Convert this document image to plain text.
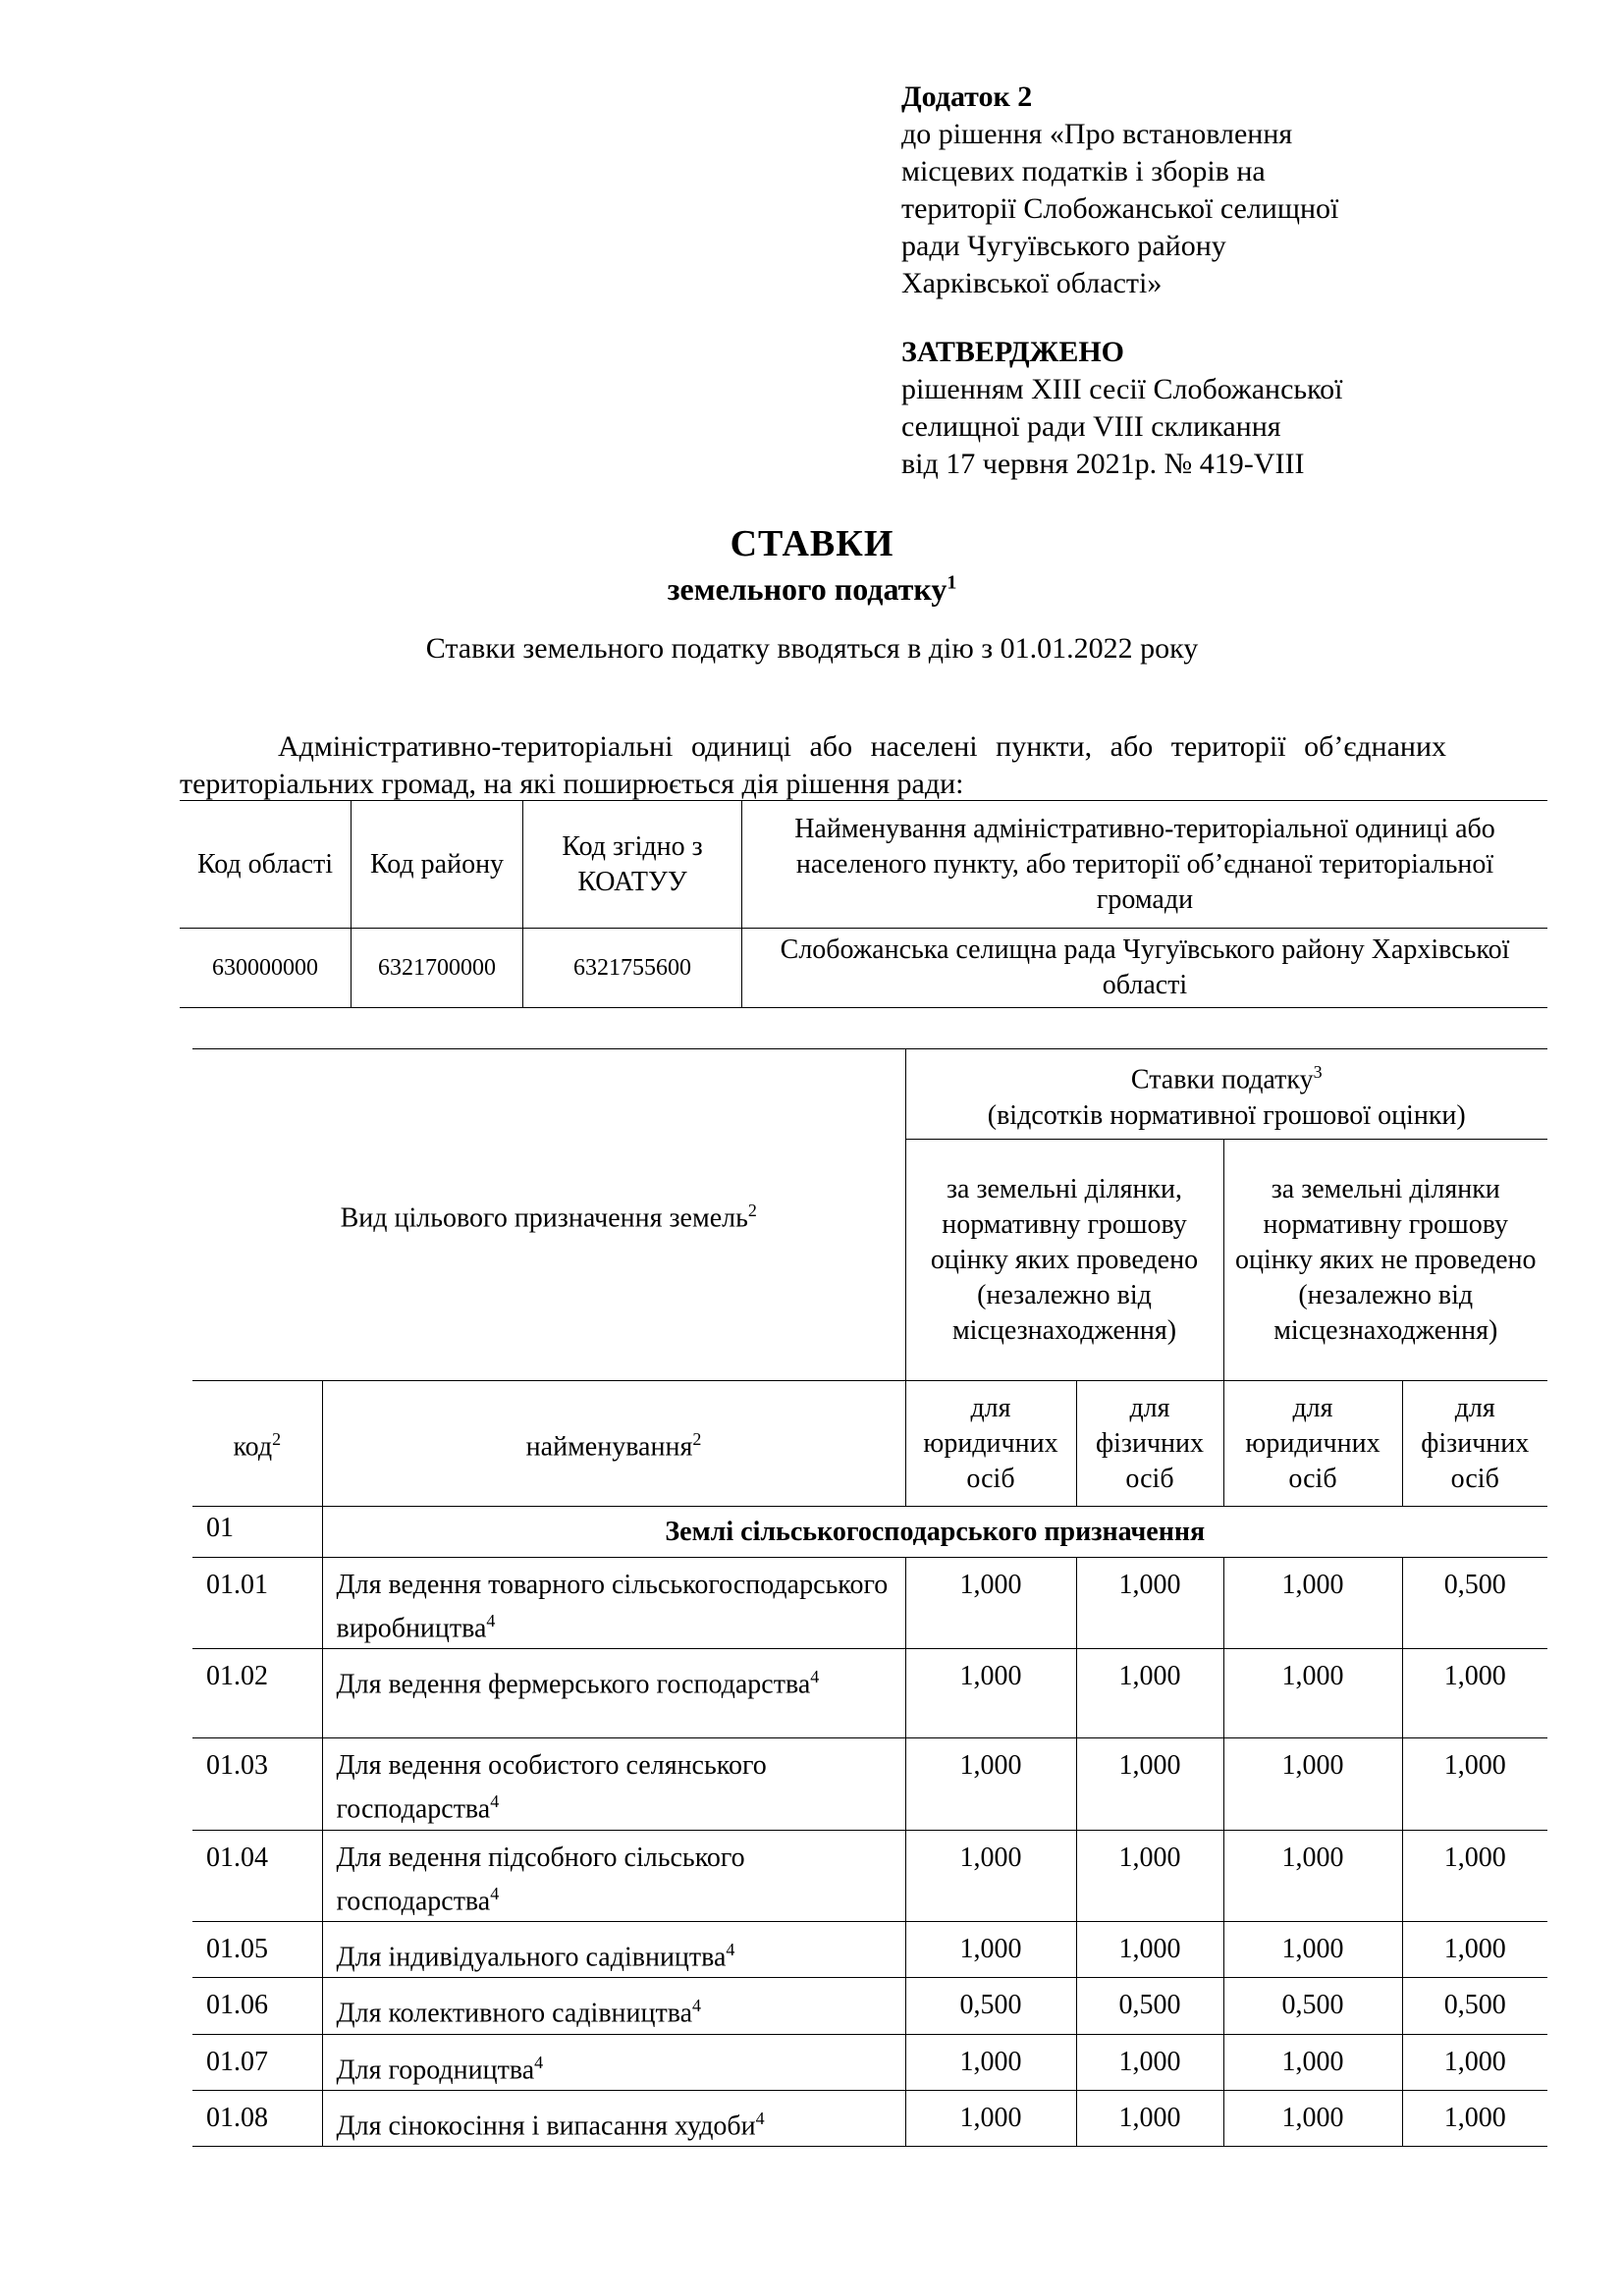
Додаток 2
до рішення «Про встановлення
місцевих податків і зборів на
території Слобожанської селищної
ради Чугуївського району
Харківської області»
ЗАТВЕРДЖЕНО
рішенням XIII сесії Слобожанської
селищної ради VIII скликання
від 17 червня 2021р. № 419-VIII
СТАВКИ
земельного податку$^1$
Ставки земельного податку вводяться в дію з 01.01.2022 року
Адміністративно-територіальні одиниці або населені пункти, або території об’єднаних територіальних громад, на які поширюється дія рішення ради:
Код області	Код району	Код згідно з КОАТУУ	Найменування адміністративно-територіальної одиниці або населеного пункту, або території об’єднаної територіальної громади
630000000	6321700000	6321755600	Слобожанська селищна рада Чугуївського району Хархівської області
Вид цільового призначення земель$^2$		Ставки податку$^3$
(відсотків нормативної грошової оцінки)			
		за земельні ділянки, нормативну грошову оцінку яких проведено (незалежно від місцезнаходження)		за земельні ділянки нормативну грошову оцінку яких не проведено (незалежно від місцезнаходження)	
код$^2$	найменування$^2$	для юридичних осіб	для фізичних осіб	для юридичних осіб	для фізичних осіб
01	Землі сільськогосподарського призначення				
01.01	Для ведення товарного сільськогосподарського виробництва$^4$	1,000	1,000	1,000	0,500
01.02	Для ведення фермерського господарства$^4$	1,000	1,000	1,000	1,000
01.03	Для ведення особистого селянського господарства$^4$	1,000	1,000	1,000	1,000
01.04	Для ведення підсобного сільського господарства$^4$	1,000	1,000	1,000	1,000
01.05	Для індивідуального садівництва$^4$	1,000	1,000	1,000	1,000
01.06	Для колективного садівництва$^4$	0,500	0,500	0,500	0,500
01.07	Для городництва$^4$	1,000	1,000	1,000	1,000
01.08	Для сінокосіння і випасання худоби$^4$	1,000	1,000	1,000	1,000
